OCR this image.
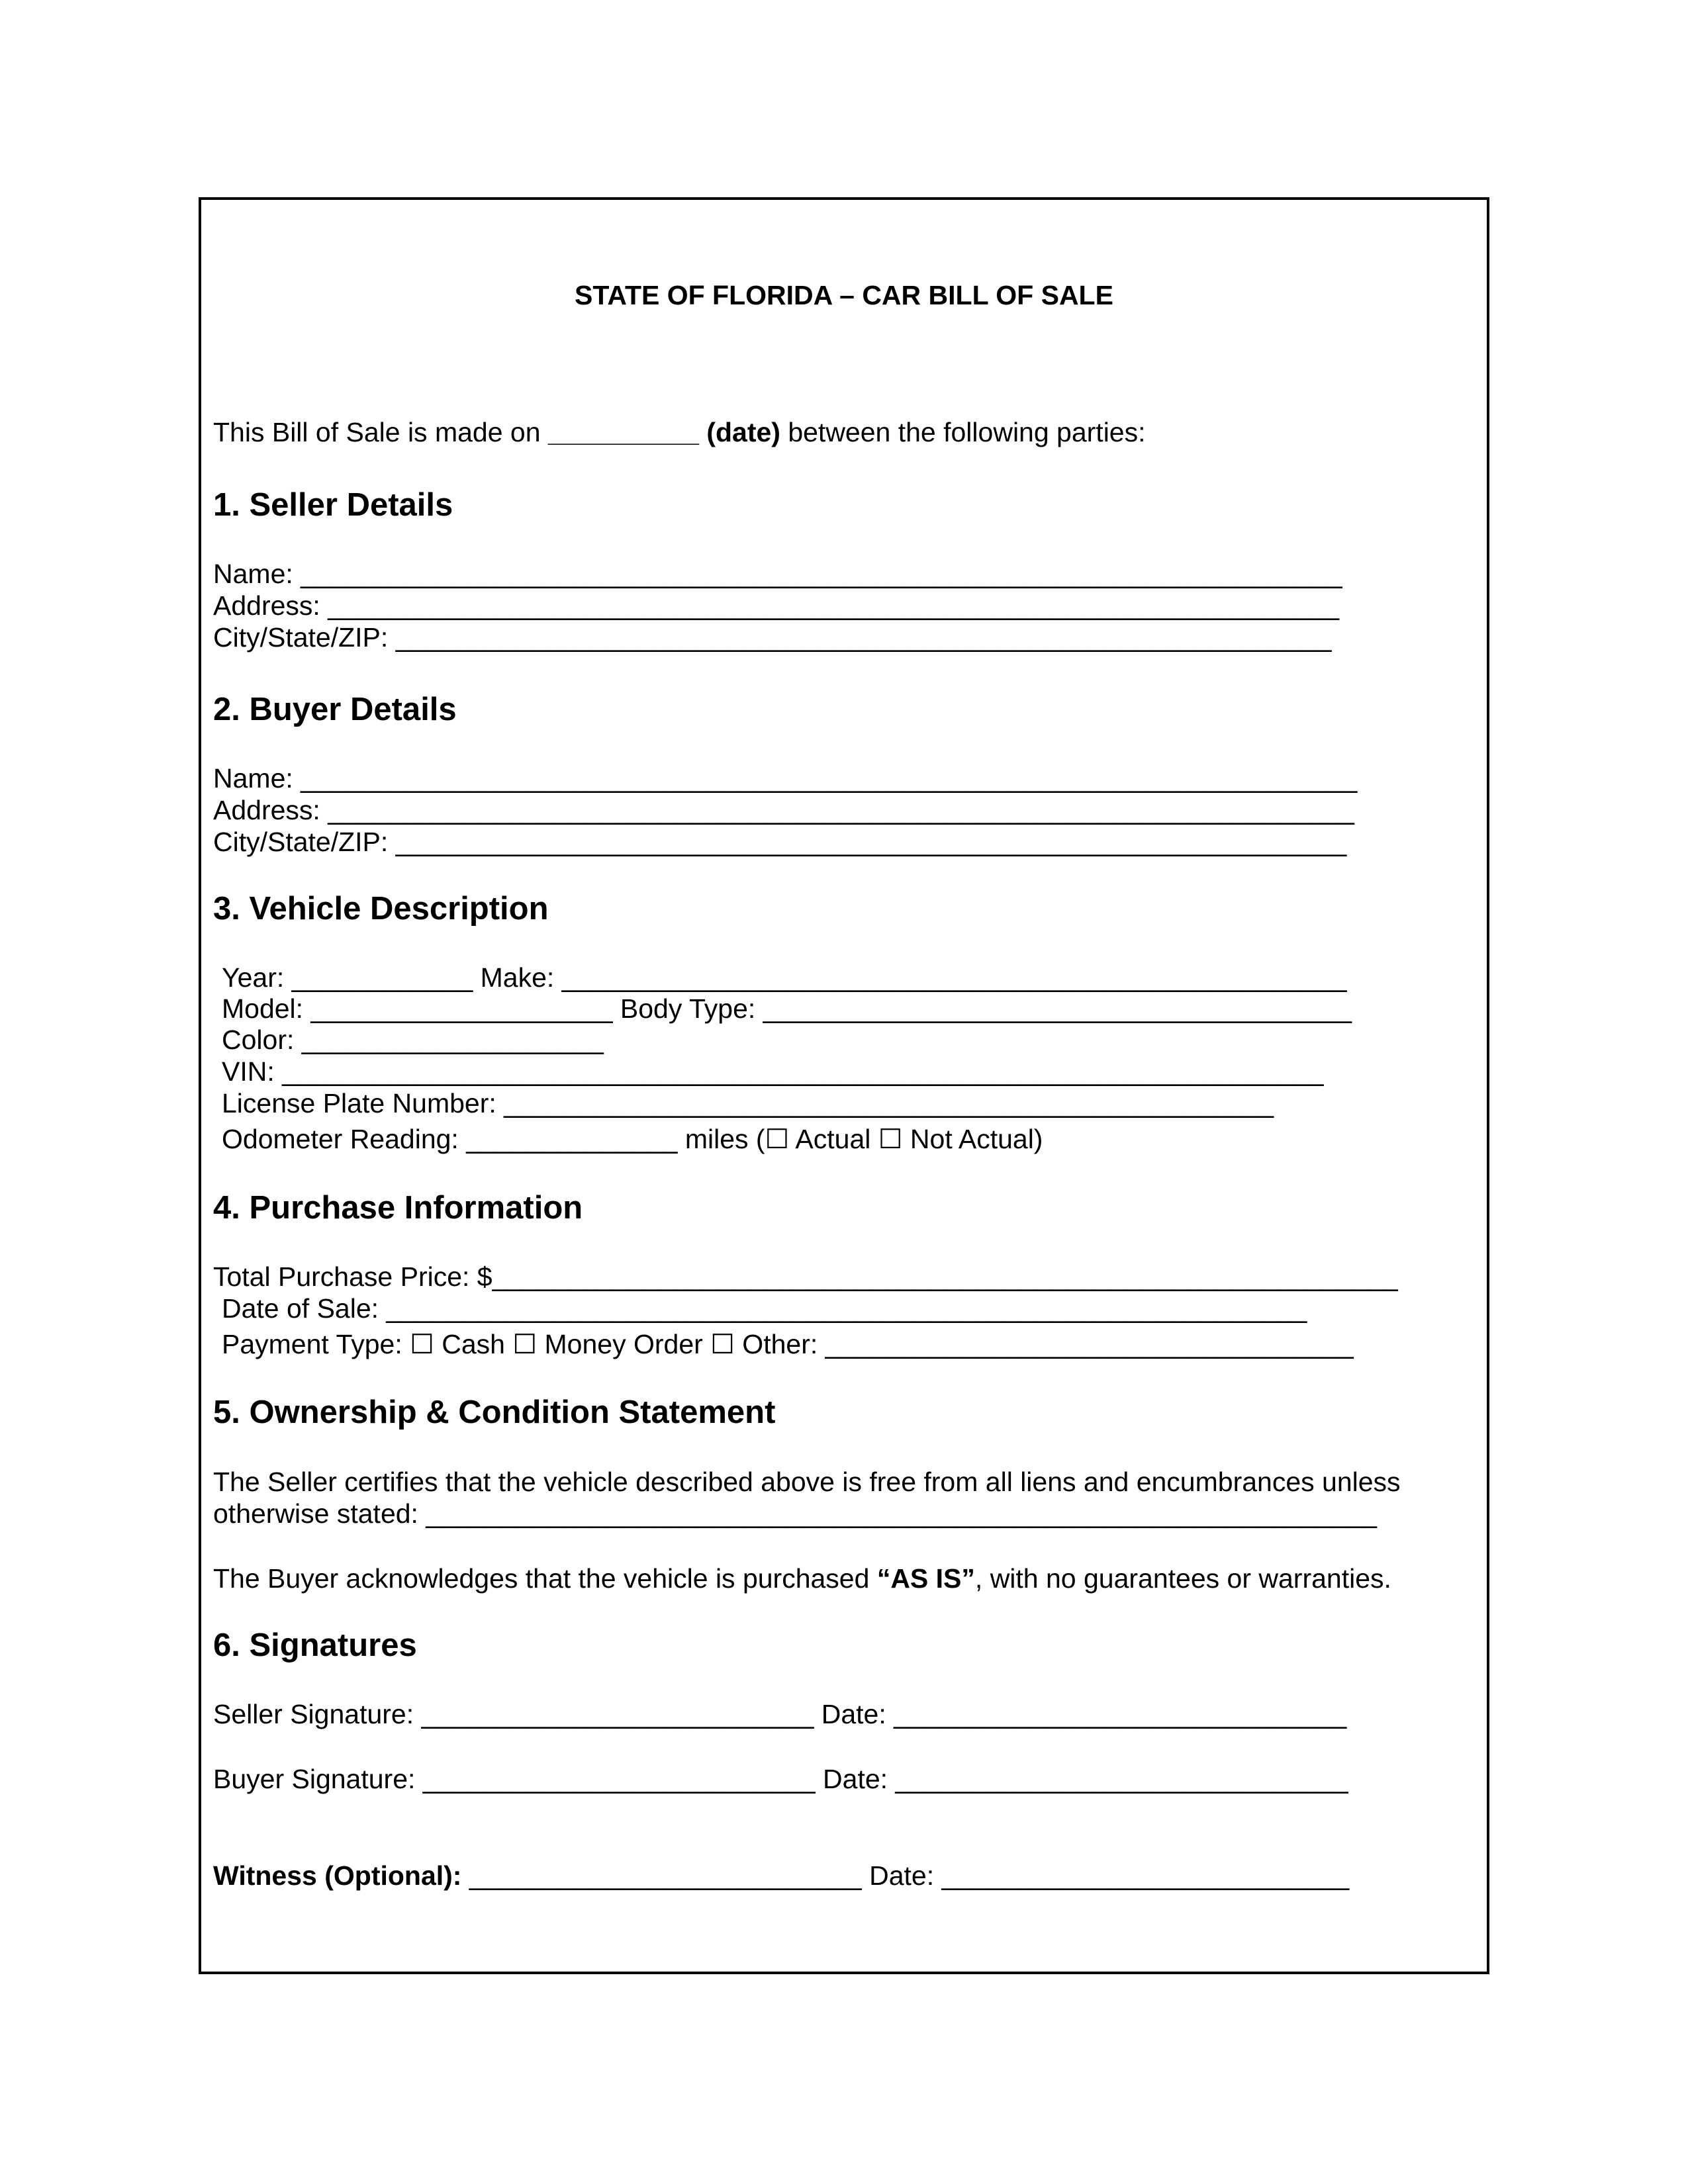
STATE OF FLORIDA – CAR BILL OF SALE
This Bill of Sale is made on __________ (date) between the following parties:
1. Seller Details
Name: _____________________________________________________________________
Address: ___________________________________________________________________
City/State/ZIP: ______________________________________________________________
2. Buyer Details
Name: ______________________________________________________________________
Address: ____________________________________________________________________
City/State/ZIP: _______________________________________________________________
3. Vehicle Description
Year: ____________ Make: ____________________________________________________
Model: ____________________ Body Type: _______________________________________
Color: ____________________
VIN: _____________________________________________________________________
License Plate Number: ___________________________________________________
Odometer Reading: ______________ miles (☐ Actual ☐ Not Actual)
4. Purchase Information
Total Purchase Price: $____________________________________________________________
Date of Sale: _____________________________________________________________
Payment Type: ☐ Cash ☐ Money Order ☐ Other: ___________________________________
5. Ownership & Condition Statement
The Seller certifies that the vehicle described above is free from all liens and encumbrances unless
otherwise stated: _______________________________________________________________
The Buyer acknowledges that the vehicle is purchased “AS IS”, with no guarantees or warranties.
6. Signatures
Seller Signature: __________________________ Date: ______________________________
Buyer Signature: __________________________ Date: ______________________________
Witness (Optional): __________________________ Date: ___________________________
